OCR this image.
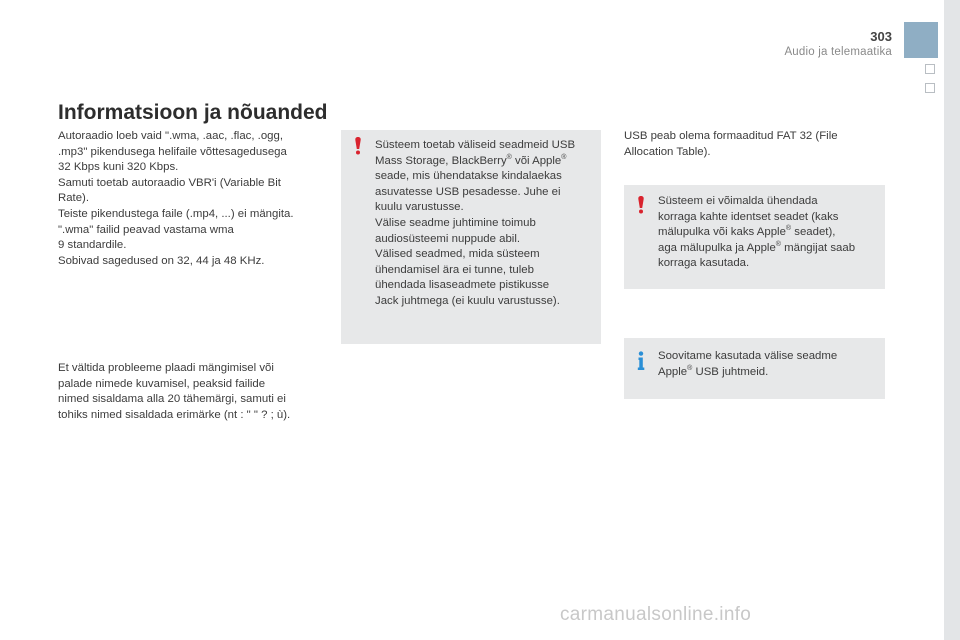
303
Audio ja telemaatika
Informatsioon ja nõuanded
Autoraadio loeb vaid ".wma, .aac, .flac, .ogg,
.mp3" pikendusega helifaile võttesagedusega
32 Kbps kuni 320 Kbps.
Samuti toetab autoraadio VBR'i (Variable Bit
Rate).
Teiste pikendustega faile (.mp4, ...) ei mängita.
".wma" failid peavad vastama wma
9 standardile.
Sobivad sagedused on 32, 44 ja 48 KHz.
Et vältida probleeme plaadi mängimisel või
palade nimede kuvamisel, peaksid failide
nimed sisaldama alla 20 tähemärgi, samuti ei
tohiks nimed sisaldada erimärke (nt : " " ? ; ù).
Süsteem toetab väliseid seadmeid USB
Mass Storage, BlackBerry® või Apple®
seade, mis ühendatakse kindalaekas
asuvatesse USB pesadesse. Juhe ei
kuulu varustusse.
Välise seadme juhtimine toimub
audiosüsteemi nuppude abil.
Välised seadmed, mida süsteem
ühendamisel ära ei tunne, tuleb
ühendada lisaseadmete pistikusse
Jack juhtmega (ei kuulu varustusse).
USB peab olema formaaditud FAT 32 (File
Allocation Table).
Süsteem ei võimalda ühendada
korraga kahte identset seadet (kaks
mälupulka või kaks Apple® seadet),
aga mälupulka ja Apple® mängijat saab
korraga kasutada.
Soovitame kasutada välise seadme
Apple® USB juhtmeid.
carmanualsonline.info
